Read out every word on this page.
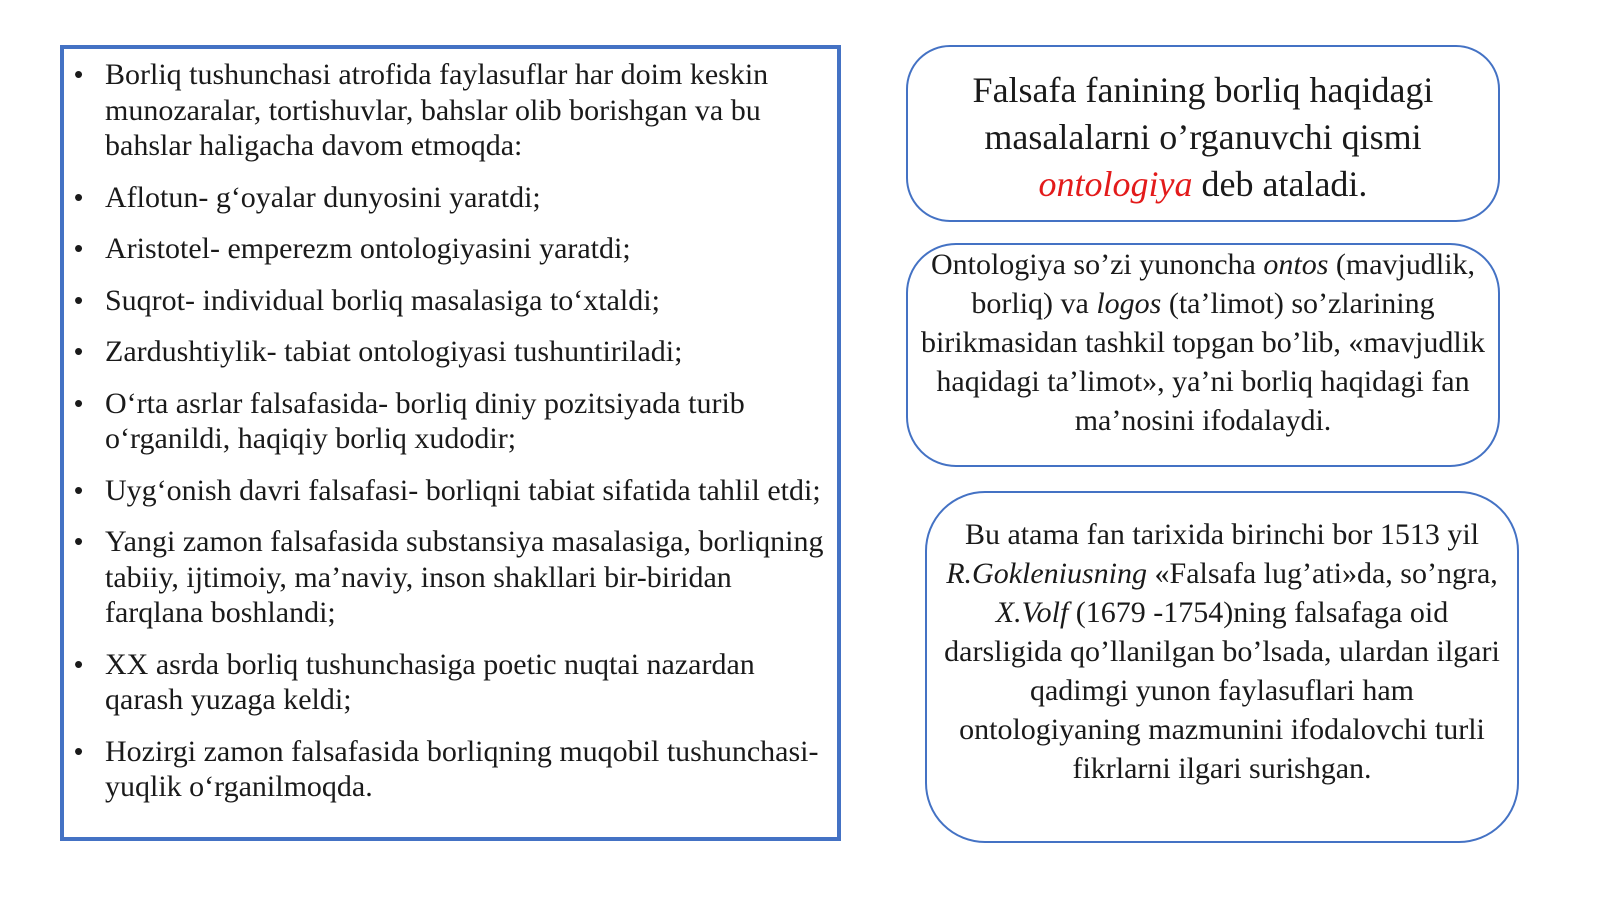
• Borliq tushunchasi atrofida faylasuflar har doim keskin munozaralar, tortishuvlar, bahslar olib borishgan va bu bahslar haligacha davom etmoqda:
• Aflotun- g‘oyalar dunyosini yaratdi;
• Aristotel- emperezm ontologiyasini yaratdi;
• Suqrot- individual borliq masalasiga to‘xtaldi;
• Zardushtiylik- tabiat ontologiyasi tushuntiriladi;
• O‘rta asrlar falsafasida- borliq diniy pozitsiyada turib o‘rganildi, haqiqiy borliq xudodir;
• Uyg‘onish davri falsafasi- borliqni tabiat sifatida tahlil etdi;
• Yangi zamon falsafasida substansiya masalasiga, borliqning tabiiy, ijtimoiy, ma’naviy, inson shakllari bir-biridan farqlana boshlandi;
• XX asrda borliq tushunchasiga poetic nuqtai nazardan qarash yuzaga keldi;
• Hozirgi zamon falsafasida borliqning muqobil tushunchasi-yuqlik o‘rganilmoqda.
Falsafa fanining borliq haqidagi
masalalarni o’rganuvchi qismi
ontologiya deb ataladi.
Ontologiya so’zi yunoncha ontos (mavjudlik, borliq) va logos (ta’limot) so’zlarining birikmasidan tashkil topgan bo’lib, «mavjudlik haqidagi ta’limot», ya’ni borliq haqidagi fan ma’nosini ifodalaydi.
Bu atama fan tarixida birinchi bor 1513 yil R.Gokleniusning «Falsafa lug’ati»da, so’ngra, X.Volf (1679 -1754)ning falsafaga oid darsligida qo’llanilgan bo’lsada, ulardan ilgari qadimgi yunon faylasuflari ham ontologiyaning mazmunini ifodalovchi turli fikrlarni ilgari surishgan.
